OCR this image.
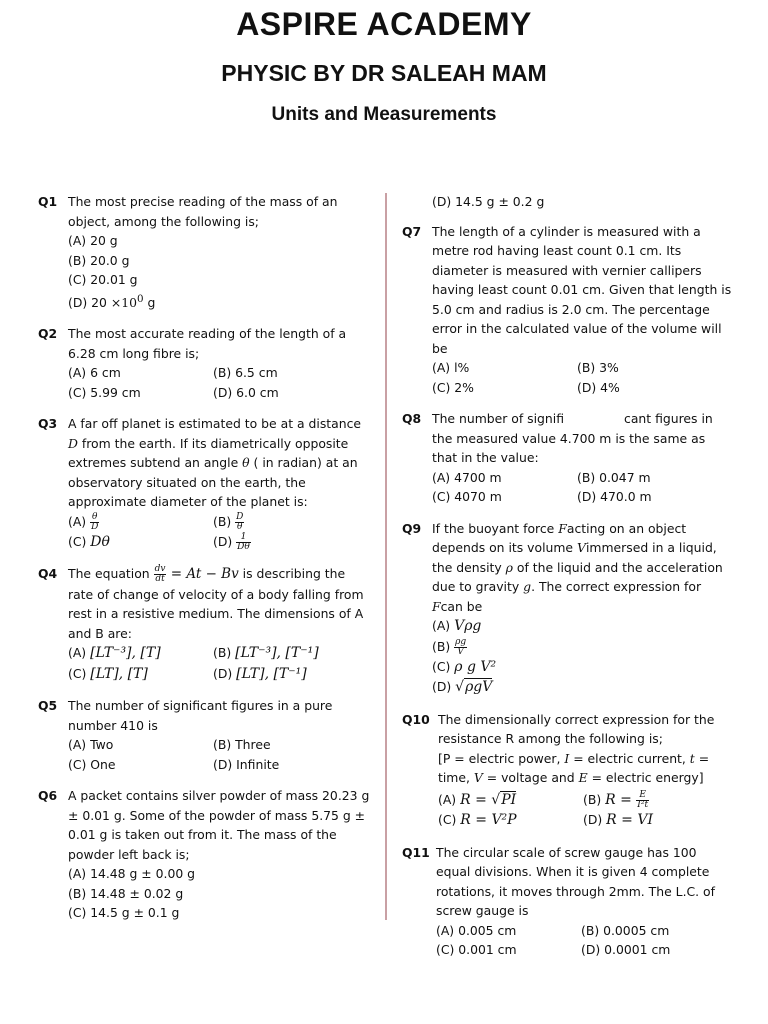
ASPIRE ACADEMY
PHYSIC BY DR SALEAH MAM
Units and Measurements
Q1 The most precise reading of the mass of an object, among the following is;
(A) 20 g
(B) 20.0 g
(C) 20.01 g
(D) $20 \times 10^0$ g
Q2 The most accurate reading of the length of a 6.28 cm long fibre is;
(A) 6 cm	(B) 6.5 cm
(C) 5.99 cm	(D) 6.0 cm
Q3 A far off planet is estimated to be at a distance D from the earth. If its diametrically opposite extremes subtend an angle θ ( in radian) at an observatory situated on the earth, the approximate diameter of the planet is:
$(A) \frac{\theta}{D}$	$(B) \frac{D}{\theta}$
(C) Dθ	$(D) \frac{1}{D\theta}$
Q4 The equation $\frac{dv}{dt} = At - Bv$ is describing the rate of change of velocity of a body falling from rest in a resistive medium. The dimensions of A and B are:
(A) [LT⁻³], [T]	(B) [LT⁻³], [T⁻¹]
(C) [LT], [T]	(D) [LT], [T⁻¹]
Q5 The number of significant figures in a pure number 410 is
(A) Two	(B) Three
(C) One	(D) Infinite
Q6 A packet contains silver powder of mass 20.23 g ± 0.01 g. Some of the powder of mass 5.75 g ± 0.01 g is taken out from it. The mass of the powder left back is;
(A) 14.48 g ± 0.00 g
(B) 14.48 ± 0.02 g
(C) 14.5 g ± 0.1 g
(D) 14.5 g ± 0.2 g
Q7 The length of a cylinder is measured with a metre rod having least count 0.1 cm. Its diameter is measured with vernier callipers having least count 0.01 cm. Given that length is 5.0 cm and radius is 2.0 cm. The percentage error in the calculated value of the volume will be
(A) l%	(B) 3%
(C) 2%	(D) 4%
Q8 The number of signifi	cant figures in the measured value 4.700 m is the same as that in the value:
(A) 4700 m	(B) 0.047 m
(C) 4070 m	(D) 470.0 m
Q9 If the buoyant force Facting on an object depends on its volume Vimmersed in a liquid, the density ρ of the liquid and the acceleration due to gravity g. The correct expression for Fcan be
(A) Vρg
$(B) \frac{\rho g}{V}$
(C) ρ g V²
(D) √ρgV
Q10 The dimensionally correct expression for the resistance R among the following is;
[P = electric power, I = electric current, t = time, V = voltage and E = electric energy]
(A) R = √PI	(B) $R = \frac{E}{\text{I²t}}$
(C) R = V²P	(D) R = VI
Q11 The circular scale of screw gauge has 100 equal divisions. When it is given 4 complete rotations, it moves through 2mm. The L.C. of screw gauge is
(A) 0.005 cm	(B) 0.0005 cm
(C) 0.001 cm	(D) 0.0001 cm
